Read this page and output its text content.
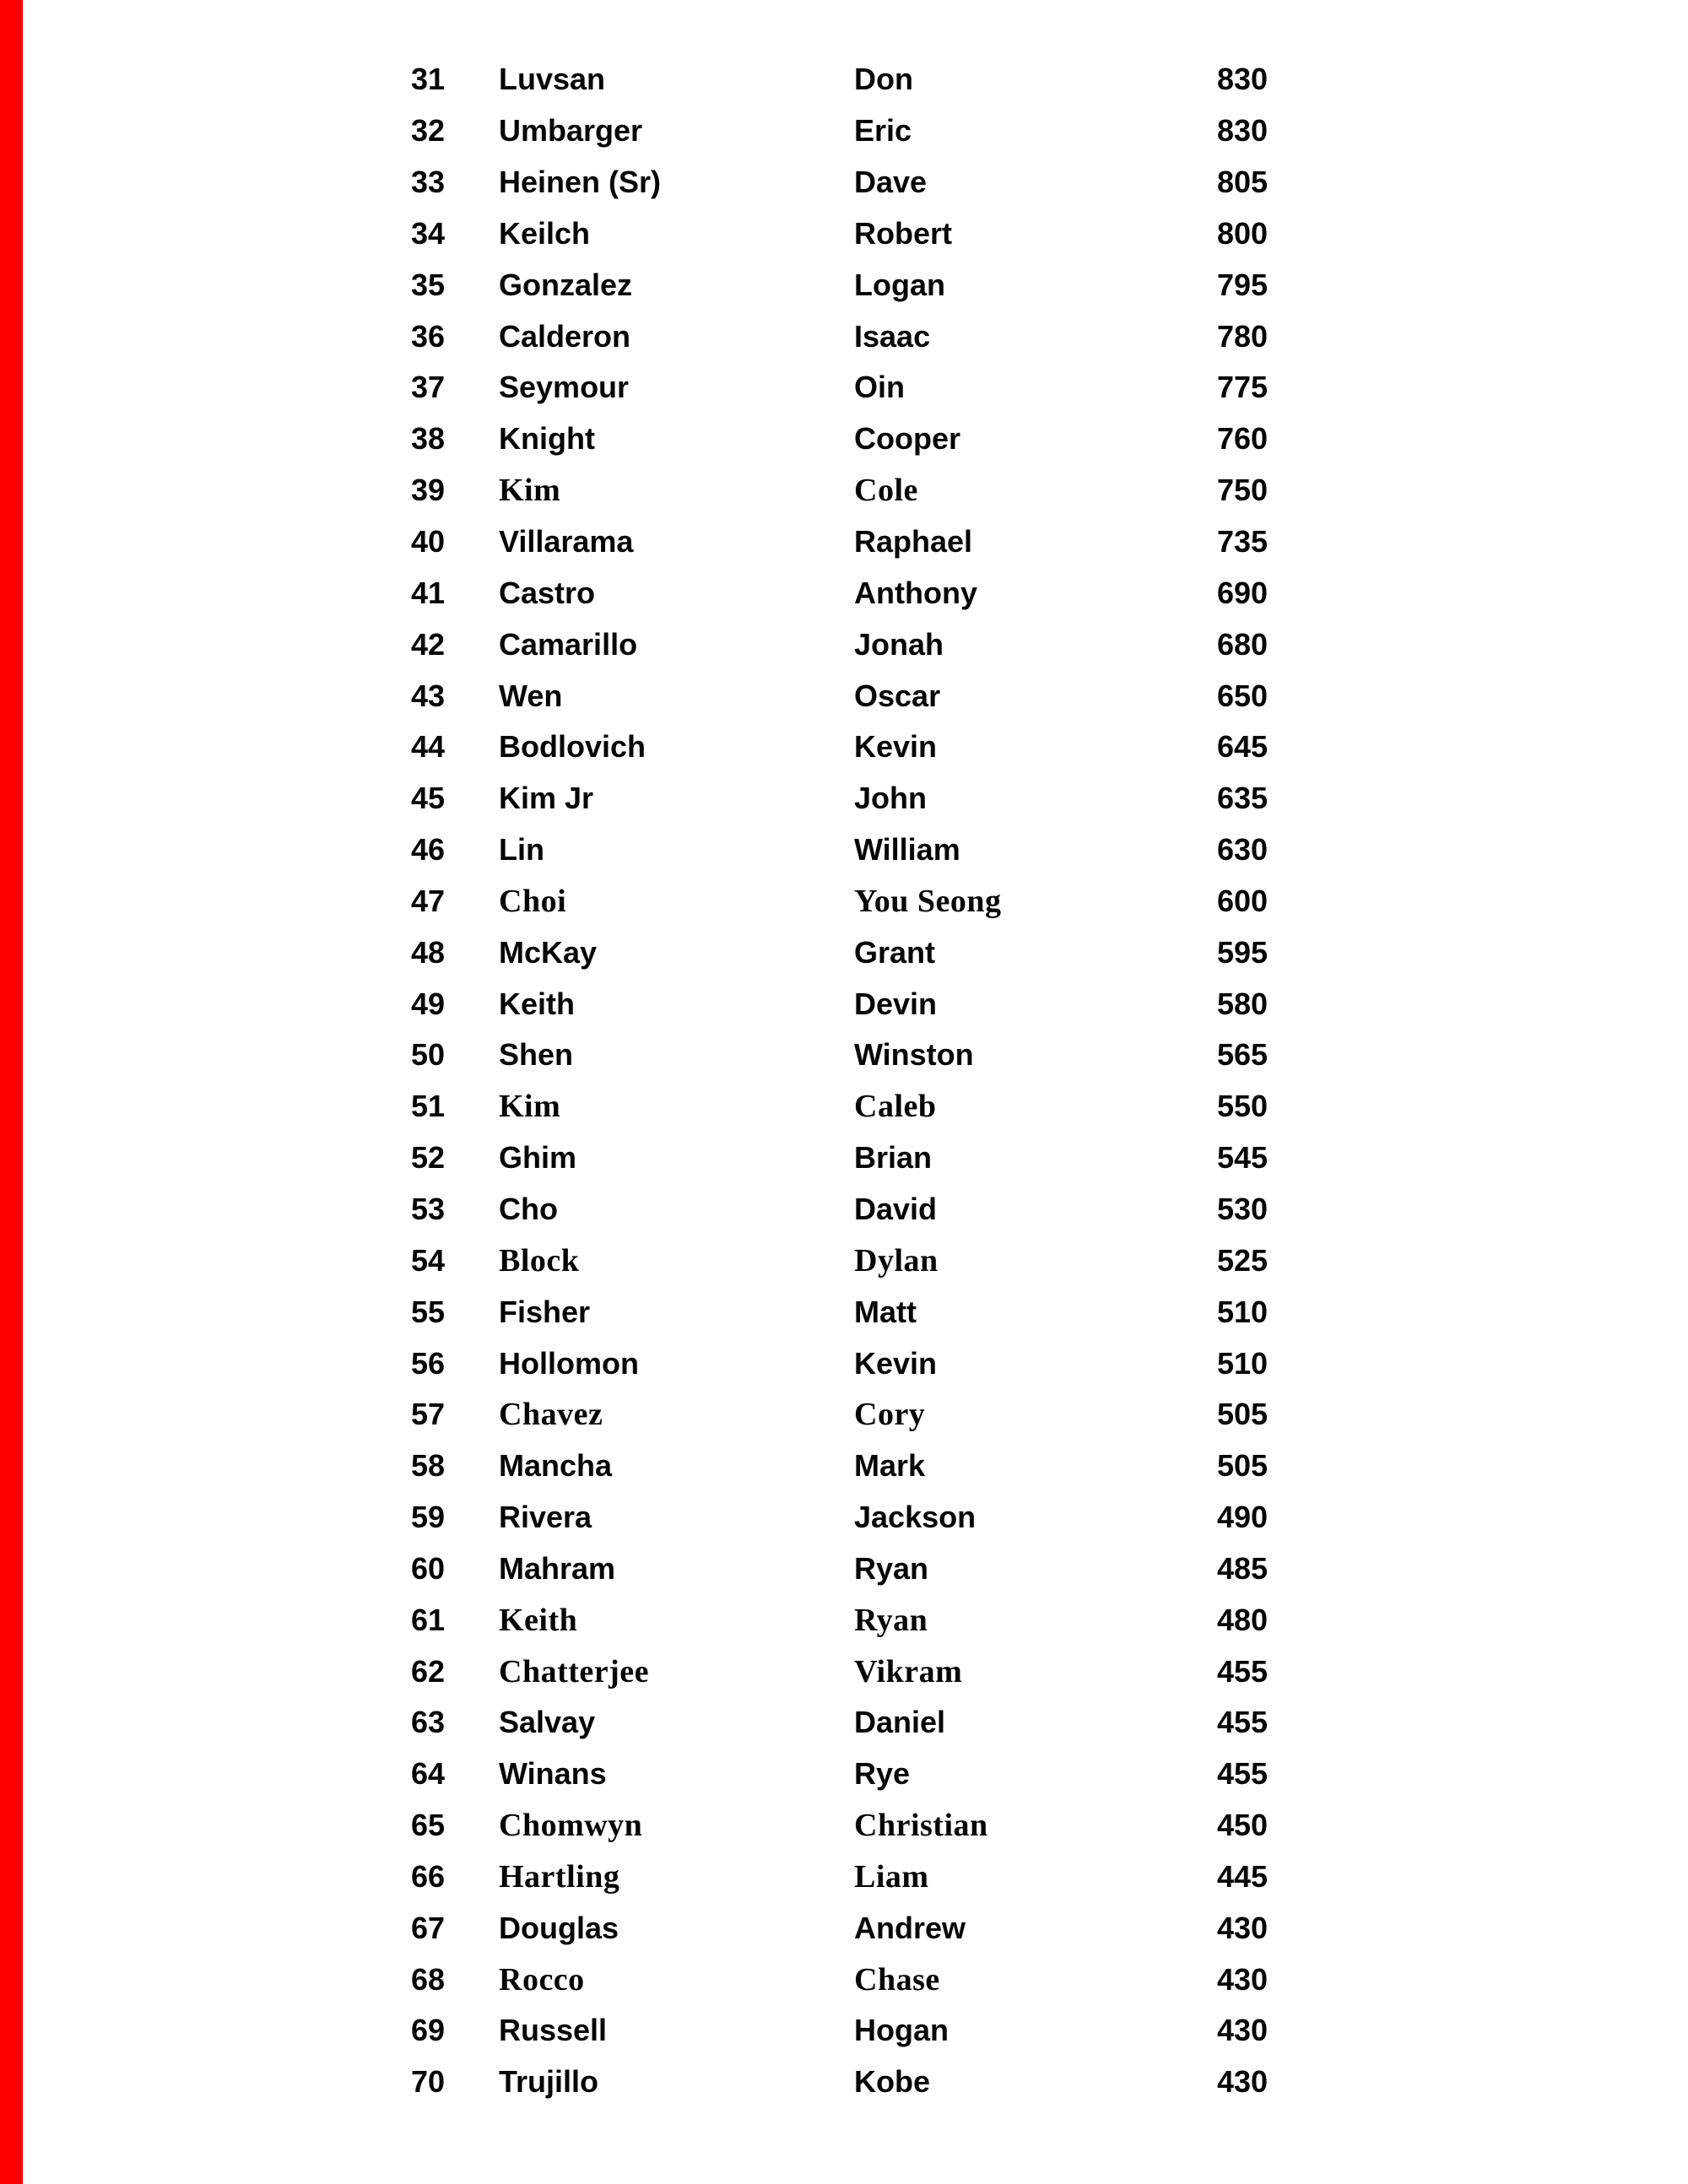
31	Luvsan	Don	830
32	Umbarger	Eric	830
33	Heinen (Sr)	Dave	805
34	Keilch	Robert	800
35	Gonzalez	Logan	795
36	Calderon	Isaac	780
37	Seymour	Oin	775
38	Knight	Cooper	760
39	Kim	Cole	750
40	Villarama	Raphael	735
41	Castro	Anthony	690
42	Camarillo	Jonah	680
43	Wen	Oscar	650
44	Bodlovich	Kevin	645
45	Kim Jr	John	635
46	Lin	William	630
47	Choi	You Seong	600
48	McKay	Grant	595
49	Keith	Devin	580
50	Shen	Winston	565
51	Kim	Caleb	550
52	Ghim	Brian	545
53	Cho	David	530
54	Block	Dylan	525
55	Fisher	Matt	510
56	Hollomon	Kevin	510
57	Chavez	Cory	505
58	Mancha	Mark	505
59	Rivera	Jackson	490
60	Mahram	Ryan	485
61	Keith	Ryan	480
62	Chatterjee	Vikram	455
63	Salvay	Daniel	455
64	Winans	Rye	455
65	Chomwyn	Christian	450
66	Hartling	Liam	445
67	Douglas	Andrew	430
68	Rocco	Chase	430
69	Russell	Hogan	430
70	Trujillo	Kobe	430
